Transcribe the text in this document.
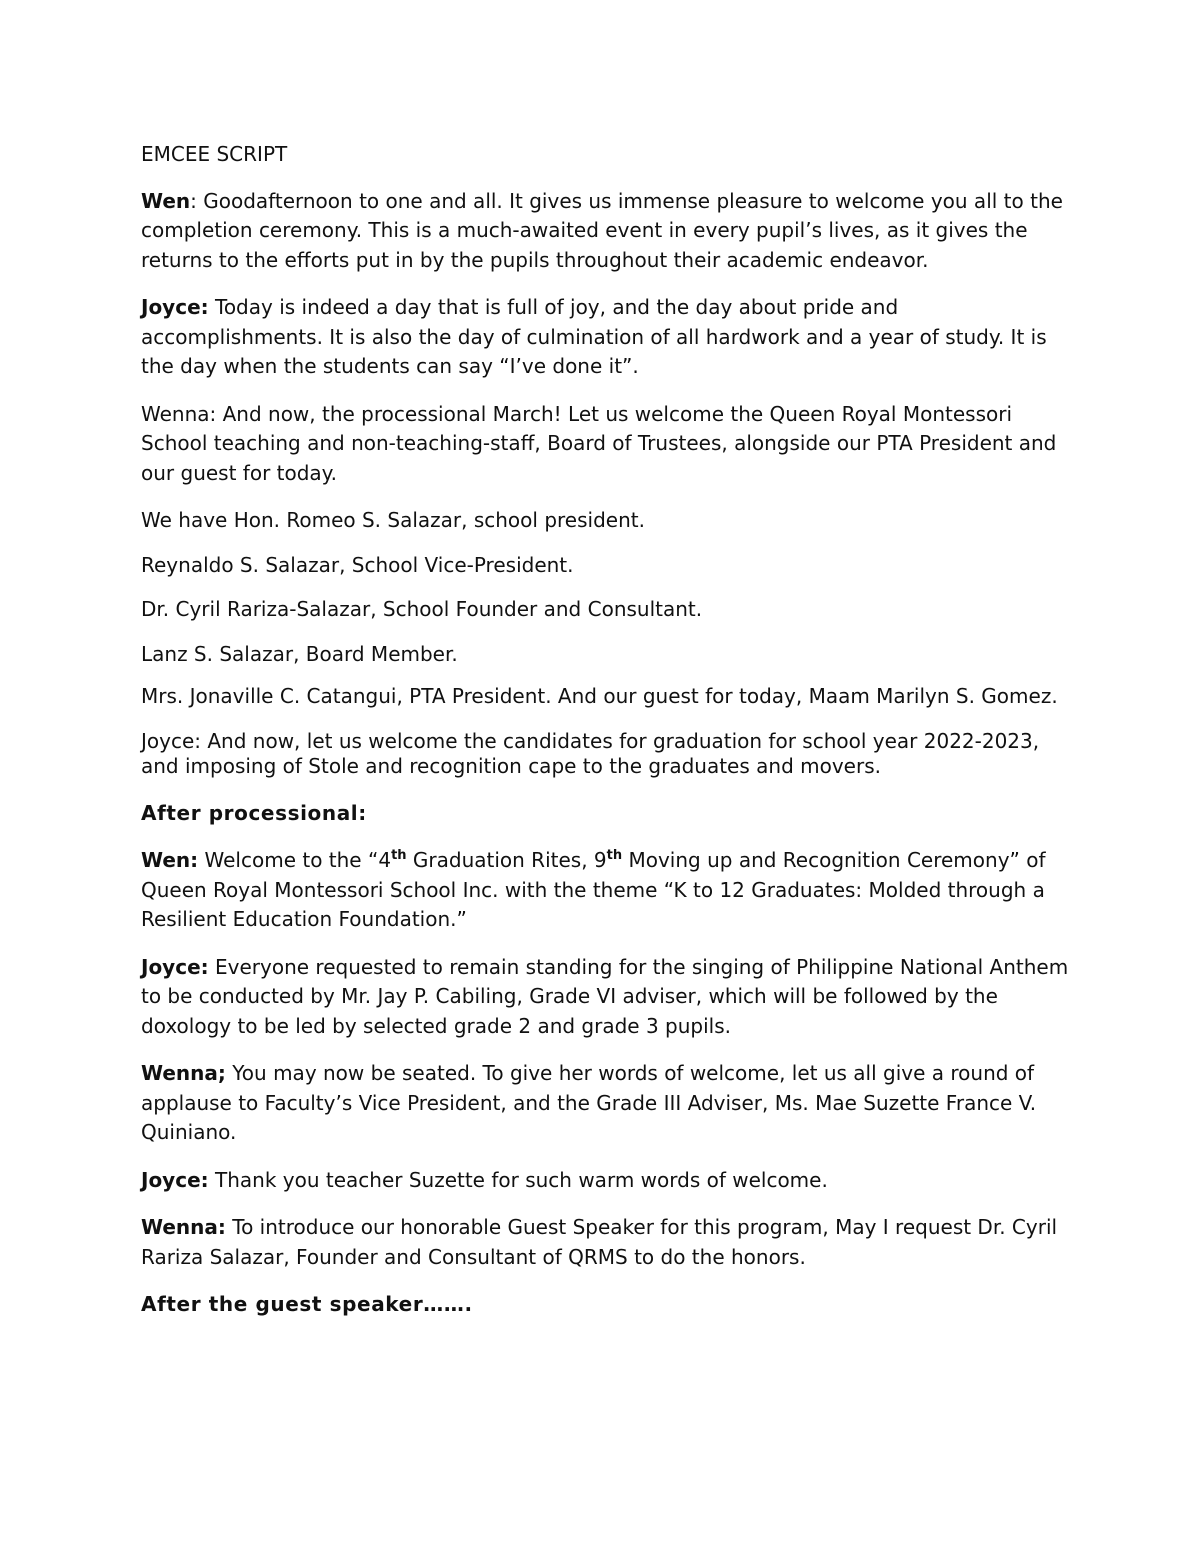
EMCEE SCRIPT

Wen: Goodafternoon to one and all. It gives us immense pleasure to welcome you all to the completion ceremony. This is a much-awaited event in every pupil’s lives, as it gives the returns to the efforts put in by the pupils throughout their academic endeavor.

Joyce: Today is indeed a day that is full of joy, and the day about pride and accomplishments. It is also the day of culmination of all hardwork and a year of study. It is the day when the students can say “I’ve done it”.

Wenna: And now, the processional March! Let us welcome the Queen Royal Montessori School teaching and non-teaching-staff, Board of Trustees, alongside our PTA President and our guest for today.

We have Hon. Romeo S. Salazar, school president.

Reynaldo S. Salazar, School Vice-President.

Dr. Cyril Rariza-Salazar, School Founder and Consultant.

Lanz S. Salazar, Board Member.

Mrs. Jonaville C. Catangui, PTA President. And our guest for today, Maam Marilyn S. Gomez.

Joyce: And now, let us welcome the candidates for graduation for school year 2022-2023, and imposing of Stole and recognition cape to the graduates and movers.

After processional:

Wen: Welcome to the “4th Graduation Rites, 9th Moving up and Recognition Ceremony” of Queen Royal Montessori School Inc. with the theme “K to 12 Graduates: Molded through a Resilient Education Foundation.”

Joyce: Everyone requested to remain standing for the singing of Philippine National Anthem to be conducted by Mr. Jay P. Cabiling, Grade VI adviser, which will be followed by the doxology to be led by selected grade 2 and grade 3 pupils.

Wenna; You may now be seated. To give her words of welcome, let us all give a round of applause to Faculty’s Vice President, and the Grade III Adviser, Ms. Mae Suzette France V. Quiniano.

Joyce: Thank you teacher Suzette for such warm words of welcome.

Wenna: To introduce our honorable Guest Speaker for this program, May I request Dr. Cyril Rariza Salazar, Founder and Consultant of QRMS to do the honors.

After the guest speaker…….
